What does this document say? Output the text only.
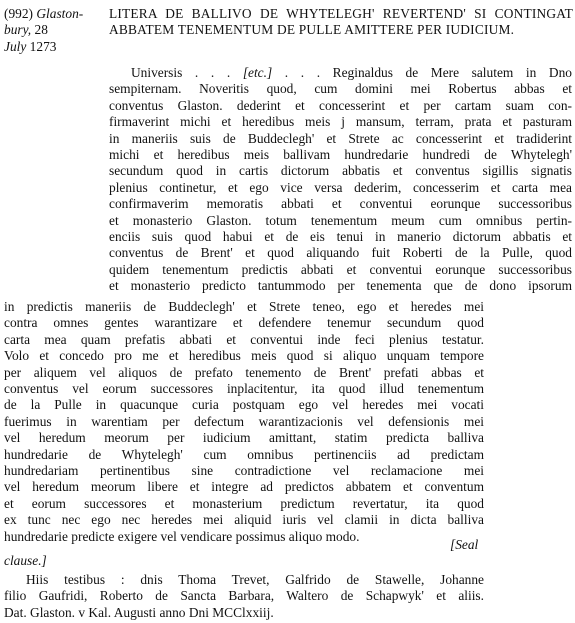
(992) Glaston-
bury, 28
July 1273
LITERA DE BALLIVO DE WHYTELEGH' REVERTEND' SI CONTINGAT ABBATEM TENEMENTUM DE PULLE AMITTERE PER IUDICIUM.
Universis . . . [etc.] . . . Reginaldus de Mere salutem in Dno
sempiternam. Noveritis quod, cum domini mei Robertus abbas et
conventus Glaston. dederint et concesserint et per cartam suam con-
firmaverint michi et heredibus meis j mansum, terram, prata et pasturam
in maneriis suis de Buddeclegh' et Strete ac concesserint et tradiderint
michi et heredibus meis ballivam hundredarie hundredi de Whytelegh'
secundum quod in cartis dictorum abbatis et conventus sigillis signatis
plenius continetur, et ego vice versa dederim, concesserim et carta mea
confirmaverim memoratis abbati et conventui eorunque successoribus
et monasterio Glaston. totum tenementum meum cum omnibus pertin-
enciis suis quod habui et de eis tenui in manerio dictorum abbatis et
conventus de Brent' et quod aliquando fuit Roberti de la Pulle, quod
quidem tenementum predictis abbati et conventui eorunque successoribus
et monasterio predicto tantummodo per tenementa que de dono ipsorum
in predictis maneriis de Buddeclegh' et Strete teneo, ego et heredes mei
contra omnes gentes warantizare et defendere tenemur secundum quod
carta mea quam prefatis abbati et conventui inde feci plenius testatur.
Volo et concedo pro me et heredibus meis quod si aliquo unquam tempore
per aliquem vel aliquos de prefato tenemento de Brent' prefati abbas et
conventus vel eorum successores inplacitentur, ita quod illud tenementum
de la Pulle in quacunque curia postquam ego vel heredes mei vocati
fuerimus in warentiam per defectum warantizacionis vel defensionis mei
vel heredum meorum per iudicium amittant, statim predicta balliva
hundredarie de Whytelegh' cum omnibus pertinenciis ad predictam
hundredariam pertinentibus sine contradictione vel reclamacione mei
vel heredum meorum libere et integre ad predictos abbatem et conventum
et eorum successores et monasterium predictum revertatur, ita quod
ex tunc nec ego nec heredes mei aliquid iuris vel clamii in dicta balliva
hundredarie predicte exigere vel vendicare possimus aliquo modo.
[Seal
clause.]
Hiis testibus : dnis Thoma Trevet, Galfrido de Stawelle, Johanne
filio Gaufridi, Roberto de Sancta Barbara, Waltero de Schapwyk' et aliis.
Dat. Glaston. v Kal. Augusti anno Dni MCClxxiij.
